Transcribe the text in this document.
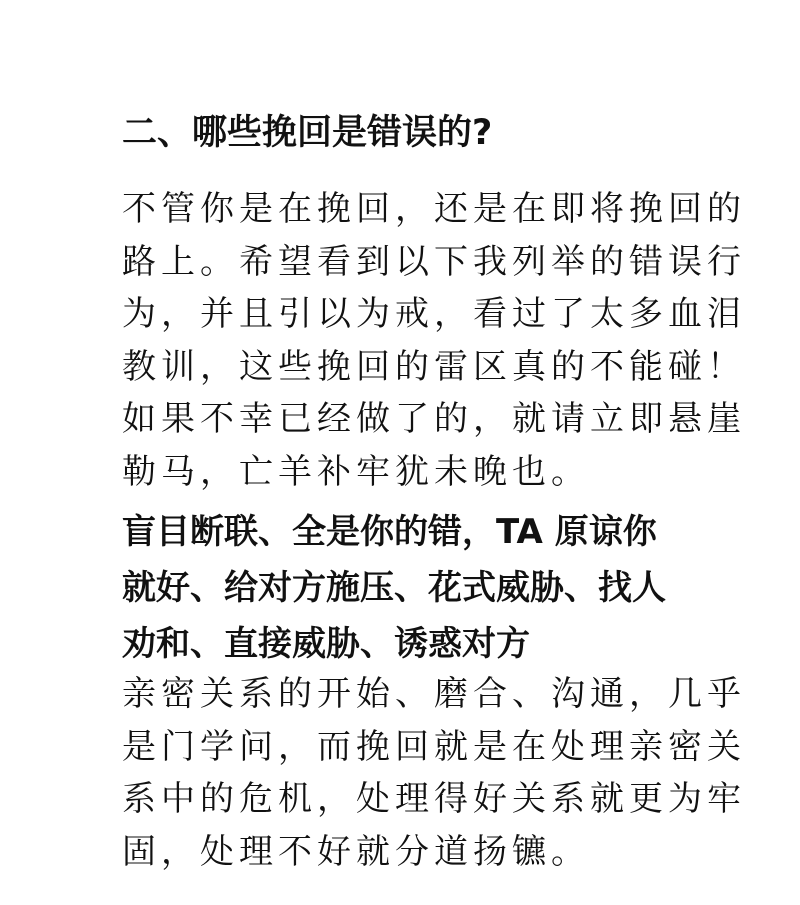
二、哪些挽回是错误的?

不管你是在挽回，还是在即将挽回的
路上。希望看到以下我列举的错误行
为，并且引以为戒，看过了太多血泪
教训，这些挽回的雷区真的不能碰！
如果不幸已经做了的，就请立即悬崖
勒马，亡羊补牢犹未晚也。

盲目断联、全是你的错，TA 原谅你
就好、给对方施压、花式威胁、找人
劝和、直接威胁、诱惑对方

亲密关系的开始、磨合、沟通，几乎
是门学问，而挽回就是在处理亲密关
系中的危机，处理得好关系就更为牢
固，处理不好就分道扬镳。
